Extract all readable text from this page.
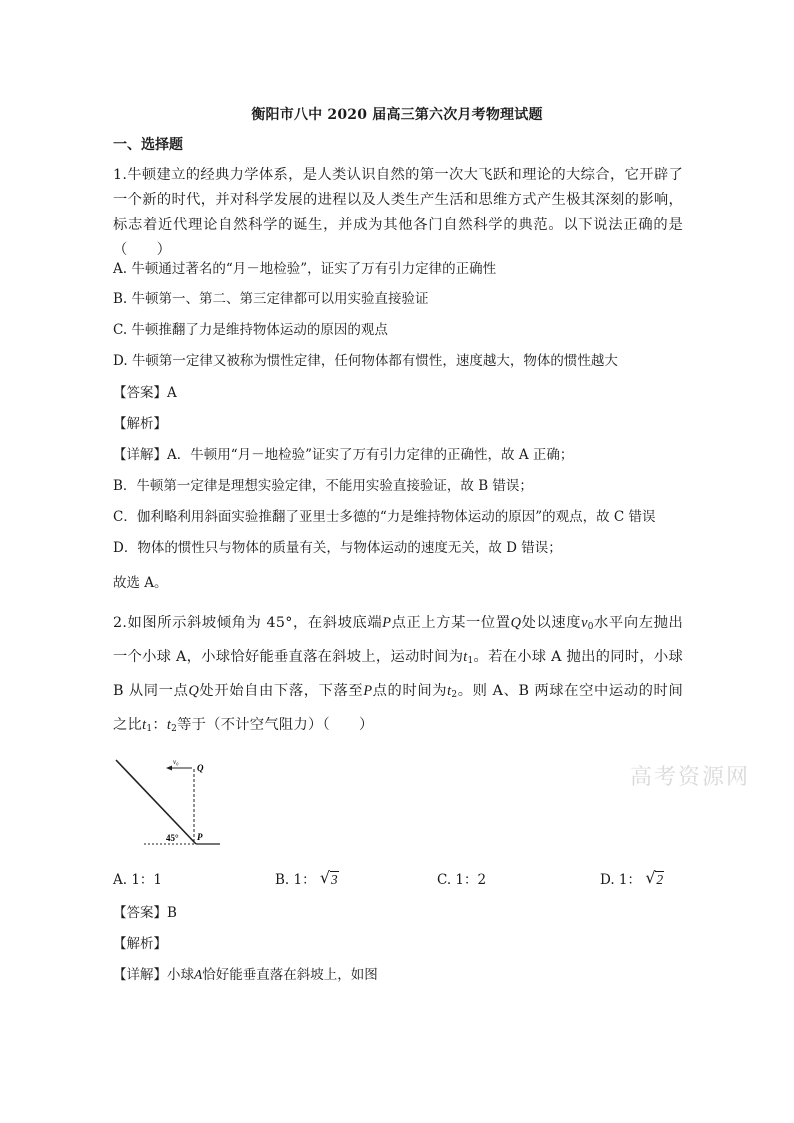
衡阳市八中 2020 届高三第六次月考物理试题
一、选择题
1.牛顿建立的经典力学体系，是人类认识自然的第一次大飞跃和理论的大综合，它开辟了一个新的时代，并对科学发展的进程以及人类生产生活和思维方式产生极其深刻的影响，标志着近代理论自然科学的诞生，并成为其他各门自然科学的典范。以下说法正确的是（　　）
A. 牛顿通过著名的“月－地检验”，证实了万有引力定律的正确性
B. 牛顿第一、第二、第三定律都可以用实验直接验证
C. 牛顿推翻了力是维持物体运动的原因的观点
D. 牛顿第一定律又被称为惯性定律，任何物体都有惯性，速度越大，物体的惯性越大
【答案】A
【解析】
【详解】A．牛顿用“月－地检验”证实了万有引力定律的正确性，故 A 正确；
B．牛顿第一定律是理想实验定律，不能用实验直接验证，故 B 错误；
C．伽利略利用斜面实验推翻了亚里士多德的“力是维持物体运动的原因”的观点，故 C 错误
D．物体的惯性只与物体的质量有关，与物体运动的速度无关，故 D 错误；
故选 A。
2.如图所示斜坡倾角为 45°，在斜坡底端P点正上方某一位置Q处以速度$v_0$水平向左抛出一个小球 A，小球恰好能垂直落在斜坡上，运动时间为$t_1$。若在小球 A 抛出的同时，小球 B 从同一点Q处开始自由下落，下落至P点的时间为$t_2$。则 A、B 两球在空中运动的时间之比$t_1$：$t_2$等于（不计空气阻力）（　　）
v₀
Q
P
45°
高考资源网
A. 1：1	B. 1： √ 3	C. 1：2	D. 1： √ 2
【答案】B
【解析】
【详解】小球A恰好能垂直落在斜坡上，如图
